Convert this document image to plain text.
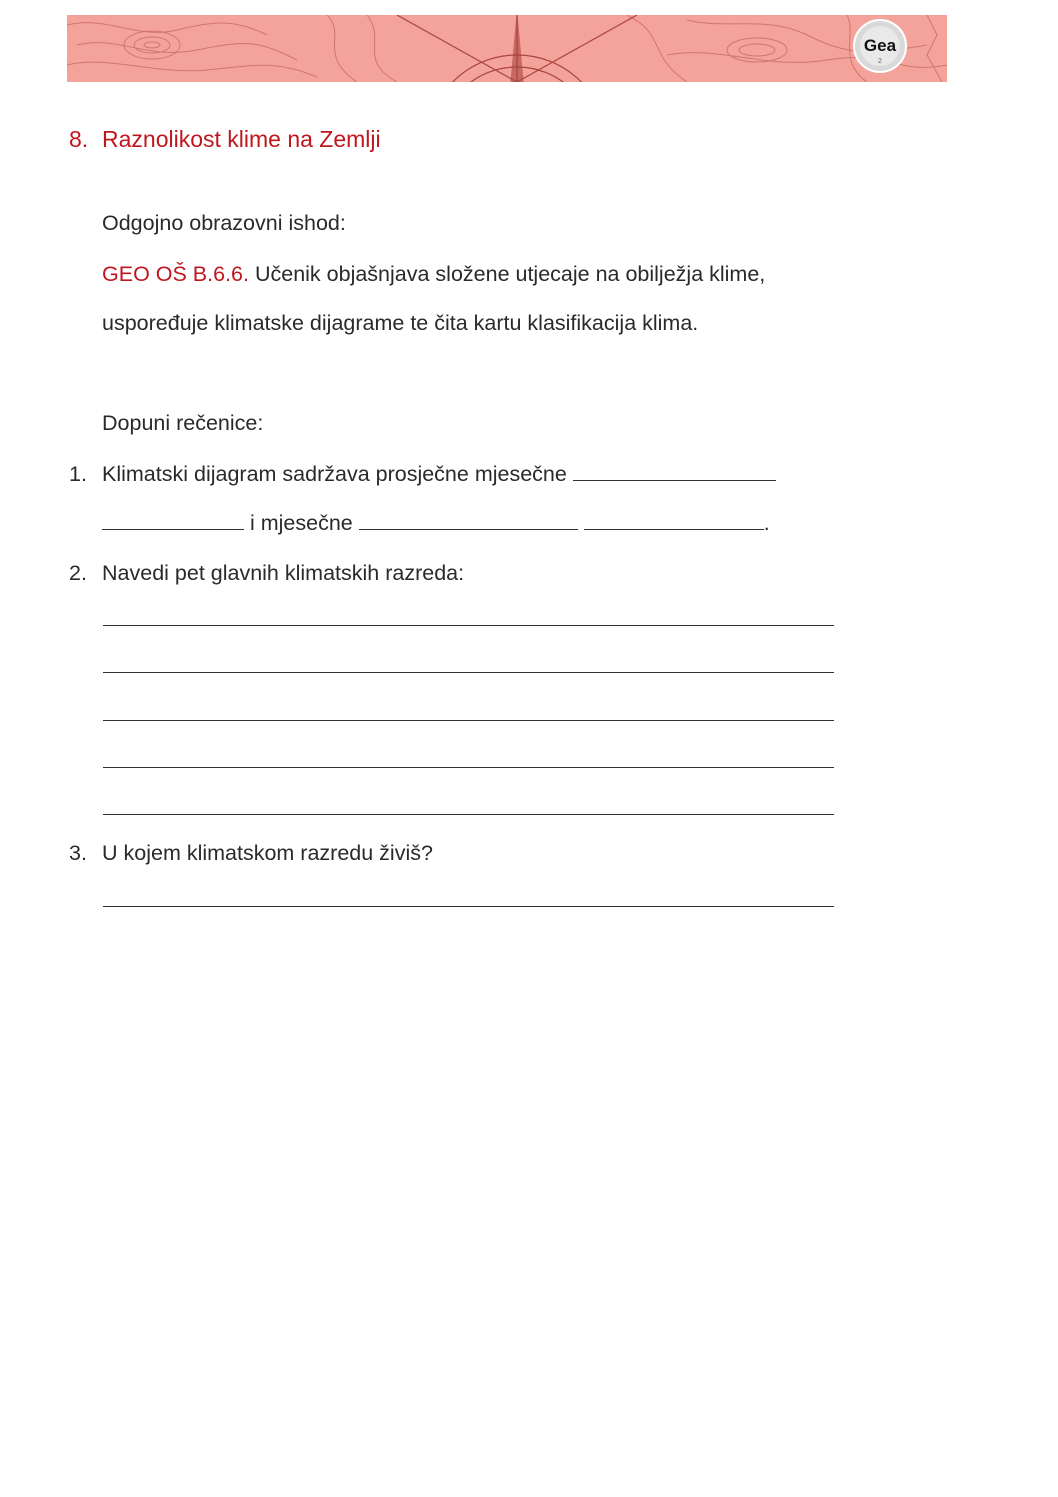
Gea
2
8. Raznolikost klime na Zemlji
Odgojno obrazovni ishod:
GEO OŠ B.6.6. Učenik objašnjava složene utjecaje na obilježja klime,
uspoređuje klimatske dijagrame te čita kartu klasifikacija klima.
Dopuni rečenice:
1. Klimatski dijagram sadržava prosječne mjesečne
i mjesečne	.
2. Navedi pet glavnih klimatskih razreda:
3. U kojem klimatskom razredu živiš?
